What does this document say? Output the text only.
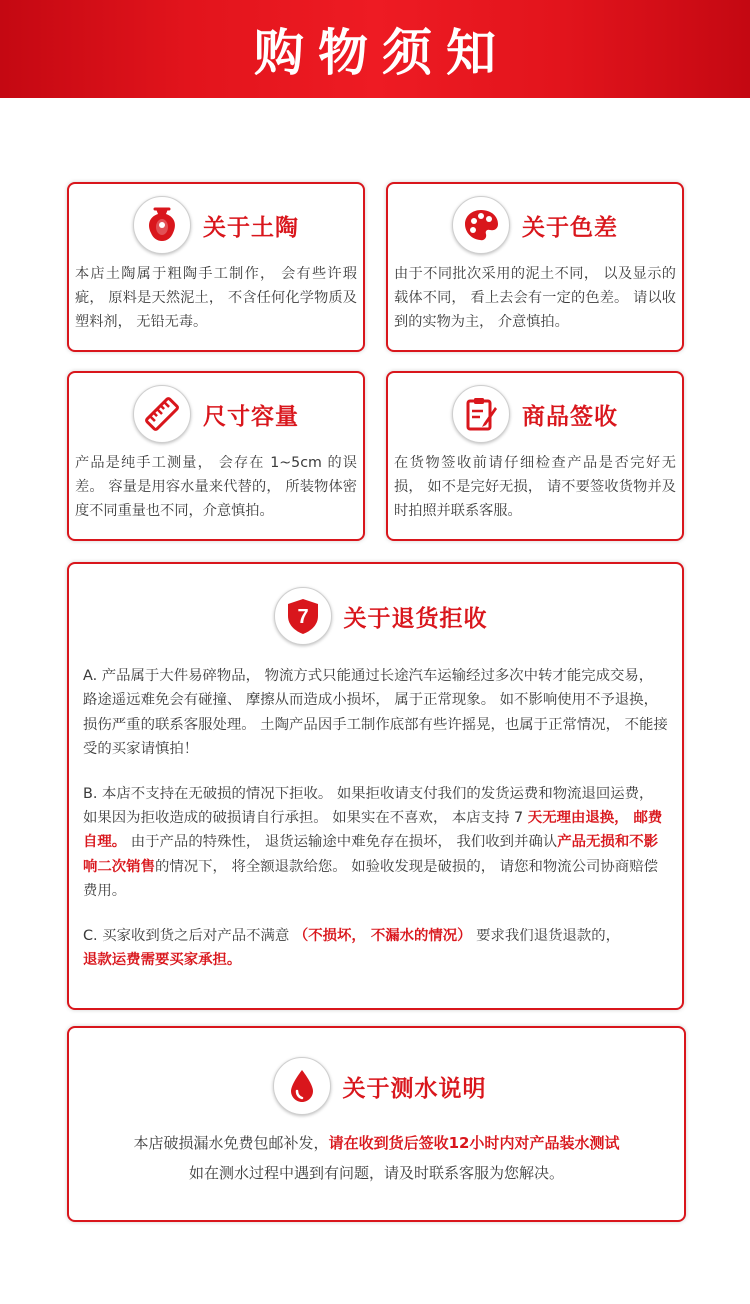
购物须知
关于土陶
本店土陶属于粗陶手工制作， 会有些许瑕疵， 原料是天然泥土， 不含任何化学物质及塑料剂， 无铅无毒。
关于色差
由于不同批次采用的泥土不同， 以及显示的载体不同， 看上去会有一定的色差。 请以收到的实物为主， 介意慎拍。
尺寸容量
产品是纯手工测量， 会存在 1~5cm 的误差。 容量是用容水量来代替的， 所装物体密度不同重量也不同，介意慎拍。
商品签收
在货物签收前请仔细检查产品是否完好无损， 如不是完好无损， 请不要签收货物并及时拍照并联系客服。
7 关于退货拒收
A. 产品属于大件易碎物品， 物流方式只能通过长途汽车运输经过多次中转才能完成交易， 路途遥远难免会有碰撞、 摩擦从而造成小损坏， 属于正常现象。 如不影响使用不予退换， 损伤严重的联系客服处理。 土陶产品因手工制作底部有些许摇晃，也属于正常情况， 不能接受的买家请慎拍！
B. 本店不支持在无破损的情况下拒收。 如果拒收请支付我们的发货运费和物流退回运费， 如果因为拒收造成的破损请自行承担。 如果实在不喜欢， 本店支持 7 天无理由退换， 邮费自理。 由于产品的特殊性， 退货运输途中难免存在损坏， 我们收到并确认产品无损和不影响二次销售的情况下， 将全额退款给您。 如验收发现是破损的， 请您和物流公司协商赔偿费用。
C. 买家收到货之后对产品不满意 （不损坏， 不漏水的情况） 要求我们退货退款的，
退款运费需要买家承担。
关于测水说明
本店破损漏水免费包邮补发，请在收到货后签收12小时内对产品装水测试
如在测水过程中遇到有问题，请及时联系客服为您解决。
